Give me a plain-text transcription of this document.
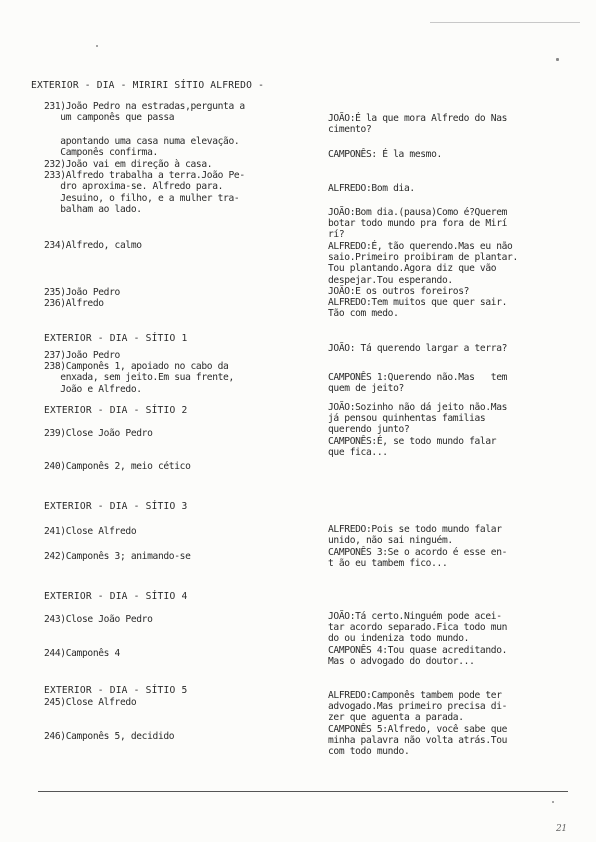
EXTERIOR - DIA - MIRIRI SÍTIO ALFREDO -
EXTERIOR - DIA - SÍTIO 1
EXTERIOR - DIA - SÍTIO 2
EXTERIOR - DIA - SÍTIO 3
EXTERIOR - DIA - SÍTIO 4
EXTERIOR - DIA - SÍTIO 5
231)João Pedro na estradas,pergunta a
um camponês que passa
apontando uma casa numa elevação.
Camponês confirma.
232)João vai em direção à casa.
233)Alfredo trabalha a terra.João Pe-
dro aproxima-se. Alfredo para.
Jesuino, o filho, e a mulher tra-
balham ao lado.
234)Alfredo, calmo
235)João Pedro
236)Alfredo
237)João Pedro
238)Camponês 1, apoiado no cabo da
enxada, sem jeito.Em sua frente,
João e Alfredo.
239)Close João Pedro
240)Camponês 2, meio cético
241)Close Alfredo
242)Camponês 3; animando-se
243)Close João Pedro
244)Camponês 4
245)Close Alfredo
246)Camponês 5, decidido
JOÃO:É la que mora Alfredo do Nas
cimento?
CAMPONÊS: É la mesmo.
ALFREDO:Bom dia.
JOÃO:Bom dia.(pausa)Como é?Querem
botar todo mundo pra fora de Mirí
rí?
ALFREDO:É, tão querendo.Mas eu não
saio.Primeiro proibiram de plantar.
Tou plantando.Agora diz que vão
despejar.Tou esperando.
JOÃO:E os outros foreiros?
ALFREDO:Tem muitos que quer sair.
Tão com medo.
JOÃO: Tá querendo largar a terra?
CAMPONÊS 1:Querendo não.Mas   tem
quem de jeito?
JOÃO:Sozinho não dá jeito não.Mas
já pensou quinhentas familias
querendo junto?
CAMPONÊS:É, se todo mundo falar
que fica...
ALFREDO:Pois se todo mundo falar
unido, não sai ninguém.
CAMPONÊS 3:Se o acordo é esse en-
t ão eu tambem fico...
JOÃO:Tá certo.Ninguém pode acei-
tar acordo separado.Fica todo mun
do ou indeniza todo mundo.
CAMPONÊS 4:Tou quase acreditando.
Mas o advogado do doutor...
ALFREDO:Camponês tambem pode ter
advogado.Mas primeiro precisa di-
zer que aguenta a parada.
CAMPONÊS 5:Alfredo, você sabe que
minha palavra não volta atrás.Tou
com todo mundo.
21
